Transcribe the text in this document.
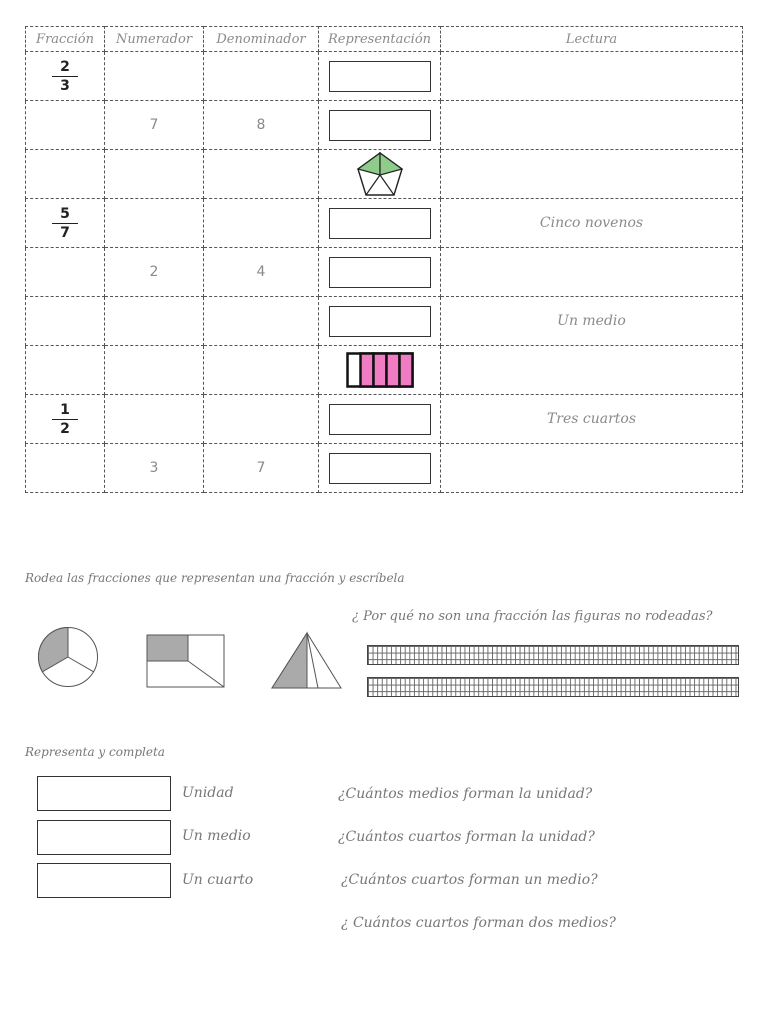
Fracción	Numerador	Denominador	Representación	Lectura

$\frac{2}{3}$

	7	8		

$\frac{5}{7}$				Cinco novenos
	2	4		
				Un medio

$\frac{1}{2}$				Tres cuartos
	3	7		
Rodea las fracciones que representan una fracción y escríbela
¿ Por qué no son una fracción las figuras no rodeadas?
Representa y completa
Unidad
Un medio
Un cuarto
¿Cuántos medios forman la unidad?
¿Cuántos cuartos forman la unidad?
¿Cuántos cuartos forman un medio?
¿ Cuántos cuartos forman dos medios?
